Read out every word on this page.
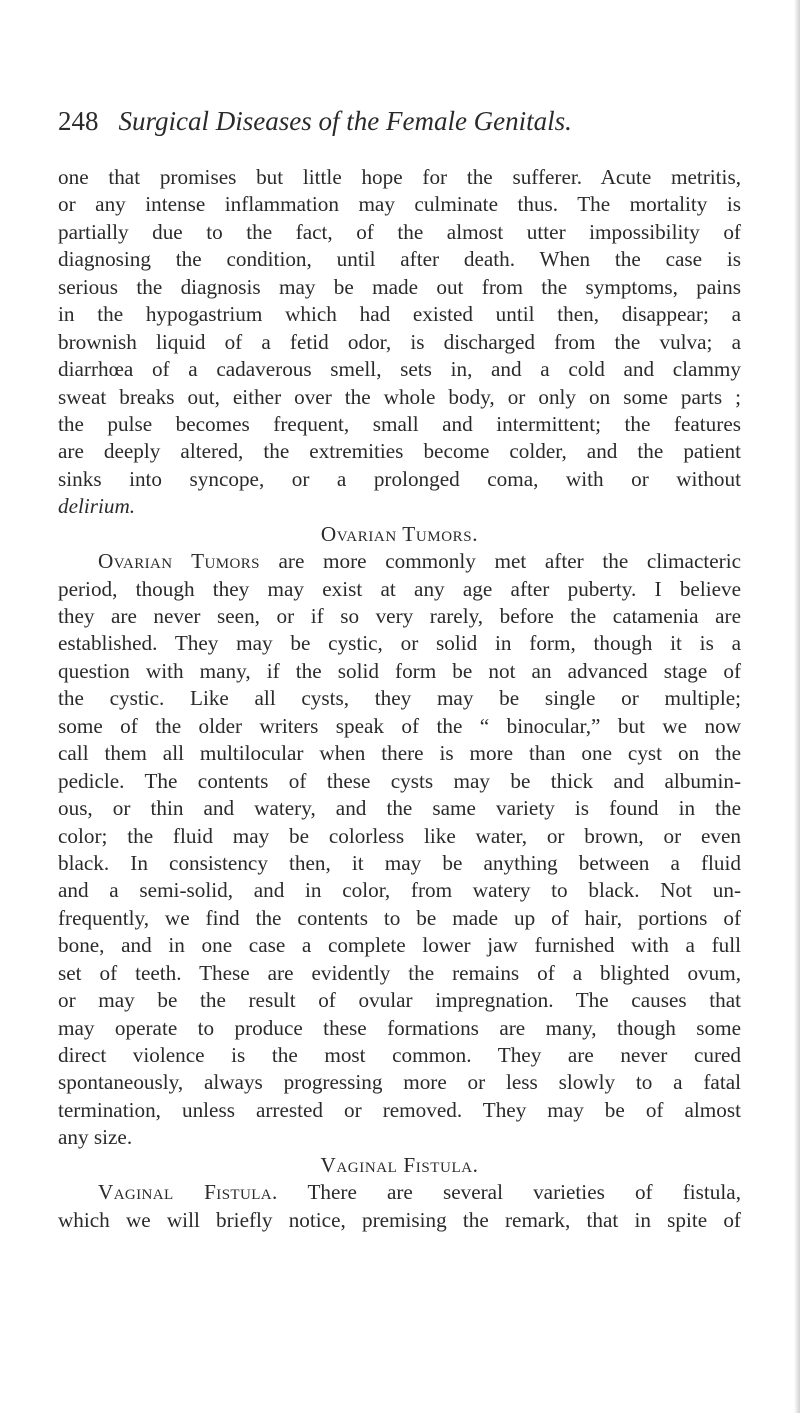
248 Surgical Diseases of the Female Genitals.
one that promises but little hope for the sufferer. Acute metritis,
or any intense inflammation may culminate thus. The mortality is
partially due to the fact, of the almost utter impossibility of
diagnosing the condition, until after death. When the case is
serious the diagnosis may be made out from the symptoms, pains
in the hypogastrium which had existed until then, disappear; a
brownish liquid of a fetid odor, is discharged from the vulva; a
diarrhœa of a cadaverous smell, sets in, and a cold and clammy
sweat breaks out, either over the whole body, or only on some parts ;
the pulse becomes frequent, small and intermittent; the features
are deeply altered, the extremities become colder, and the patient
sinks into syncope, or a prolonged coma, with or without
delirium.
Ovarian Tumors.
Ovarian Tumors are more commonly met after the climacteric
period, though they may exist at any age after puberty. I believe
they are never seen, or if so very rarely, before the catamenia are
established. They may be cystic, or solid in form, though it is a
question with many, if the solid form be not an advanced stage of
the cystic. Like all cysts, they may be single or multiple;
some of the older writers speak of the “ binocular,” but we now
call them all multilocular when there is more than one cyst on the
pedicle. The contents of these cysts may be thick and albumin-
ous, or thin and watery, and the same variety is found in the
color; the fluid may be colorless like water, or brown, or even
black. In consistency then, it may be anything between a fluid
and a semi-solid, and in color, from watery to black. Not un-
frequently, we find the contents to be made up of hair, portions of
bone, and in one case a complete lower jaw furnished with a full
set of teeth. These are evidently the remains of a blighted ovum,
or may be the result of ovular impregnation. The causes that
may operate to produce these formations are many, though some
direct violence is the most common. They are never cured
spontaneously, always progressing more or less slowly to a fatal
termination, unless arrested or removed. They may be of almost
any size.
Vaginal Fistula.
Vaginal Fistula. There are several varieties of fistula,
which we will briefly notice, premising the remark, that in spite of
